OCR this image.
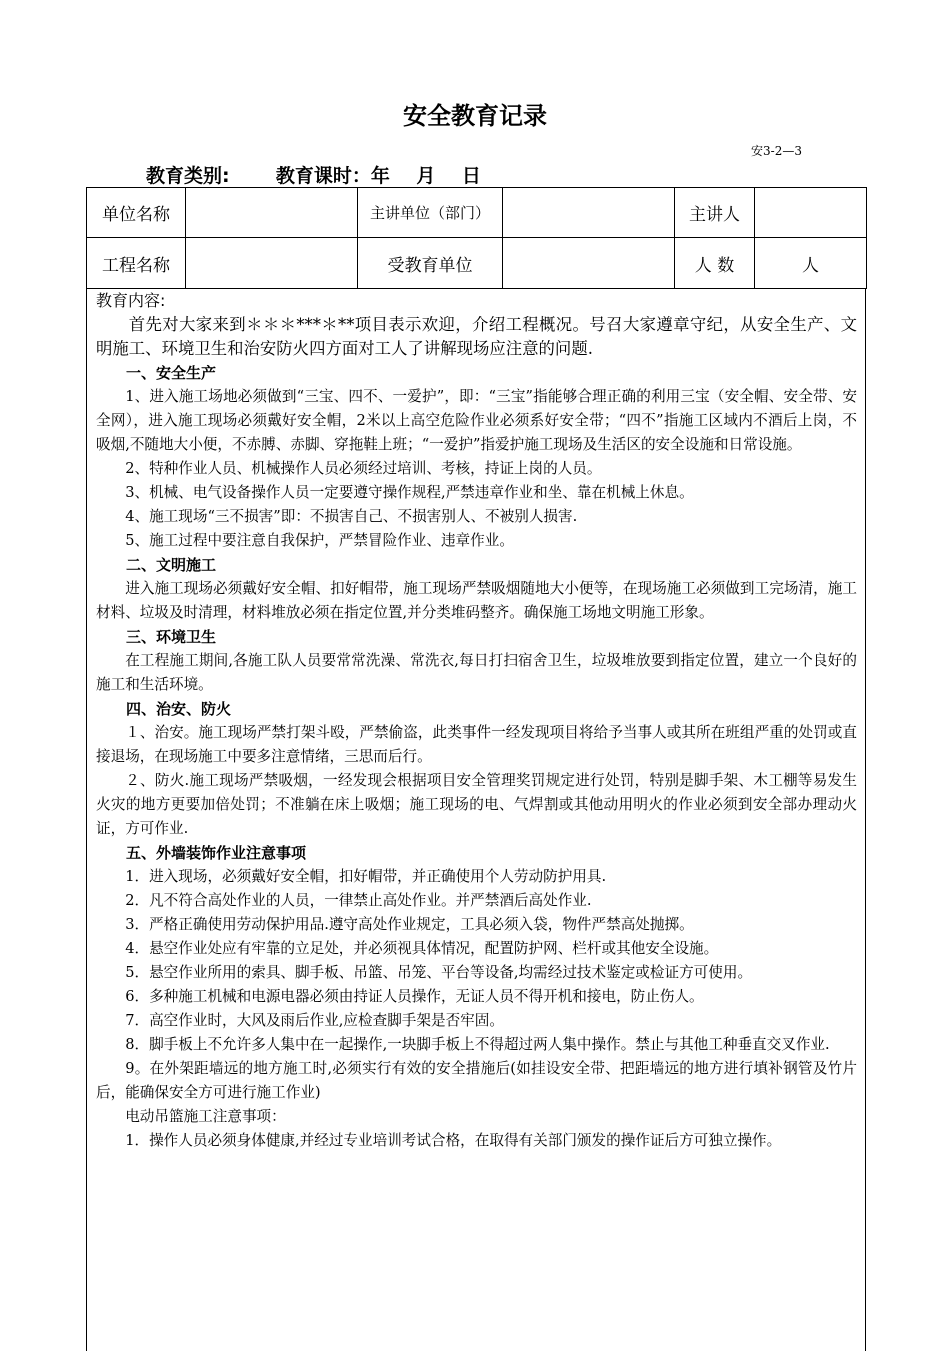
安全教育记录
安3-2—3
教育类别:       教育课时：年    月    日
单位名称		主讲单位（部门）		主讲人	
工程名称		受教育单位		人 数	人

教育内容:

首先对大家来到＊＊＊***＊**项目表示欢迎，介绍工程概况。号召大家遵章守纪，从安全生产、文明施工、环境卫生和治安防火四方面对工人了讲解现场应注意的问题.

一、安全生产

1、进入施工场地必须做到“三宝、四不、一爱护”，即：“三宝”指能够合理正确的利用三宝（安全帽、安全带、安全网），进入施工现场必须戴好安全帽，2米以上高空危险作业必须系好安全带；“四不”指施工区域内不酒后上岗，不吸烟,不随地大小便，不赤膊、赤脚、穿拖鞋上班；“一爱护”指爱护施工现场及生活区的安全设施和日常设施。

2、特种作业人员、机械操作人员必须经过培训、考核，持证上岗的人员。

3、机械、电气设备操作人员一定要遵守操作规程,严禁违章作业和坐、靠在机械上休息。

4、施工现场“三不损害”即：不损害自己、不损害别人、不被别人损害.

5、施工过程中要注意自我保护，严禁冒险作业、违章作业。

二、文明施工

进入施工现场必须戴好安全帽、扣好帽带，施工现场严禁吸烟随地大小便等，在现场施工必须做到工完场清，施工材料、垃圾及时清理，材料堆放必须在指定位置,并分类堆码整齐。确保施工场地文明施工形象。

三、环境卫生

在工程施工期间,各施工队人员要常常洗澡、常洗衣,每日打扫宿舍卫生，垃圾堆放要到指定位置，建立一个良好的施工和生活环境。

四、治安、防火

１、治安。施工现场严禁打架斗殴，严禁偷盗，此类事件一经发现项目将给予当事人或其所在班组严重的处罚或直接退场，在现场施工中要多注意情绪，三思而后行。

２、防火.施工现场严禁吸烟，一经发现会根据项目安全管理奖罚规定进行处罚，特别是脚手架、木工棚等易发生火灾的地方更要加倍处罚；不准躺在床上吸烟；施工现场的电、气焊割或其他动用明火的作业必须到安全部办理动火证，方可作业.

五、外墙装饰作业注意事项

1．进入现场，必须戴好安全帽，扣好帽带，并正确使用个人劳动防护用具.

2．凡不符合高处作业的人员，一律禁止高处作业。并严禁酒后高处作业.

3．严格正确使用劳动保护用品.遵守高处作业规定，工具必须入袋，物件严禁高处抛掷。

4．悬空作业处应有牢靠的立足处，并必须视具体情况，配置防护网、栏杆或其他安全设施。

5．悬空作业所用的索具、脚手板、吊篮、吊笼、平台等设备,均需经过技术鉴定或检证方可使用。

6．多种施工机械和电源电器必须由持证人员操作，无证人员不得开机和接电，防止伤人。

7．高空作业时，大风及雨后作业,应检查脚手架是否牢固。

8．脚手板上不允许多人集中在一起操作,一块脚手板上不得超过两人集中操作。禁止与其他工种垂直交叉作业.

9。在外架距墙远的地方施工时,必须实行有效的安全措施后(如挂设安全带、把距墙远的地方进行填补钢管及竹片后，能确保安全方可进行施工作业)

电动吊篮施工注意事项：

1．操作人员必须身体健康,并经过专业培训考试合格，在取得有关部门颁发的操作证后方可独立操作。
